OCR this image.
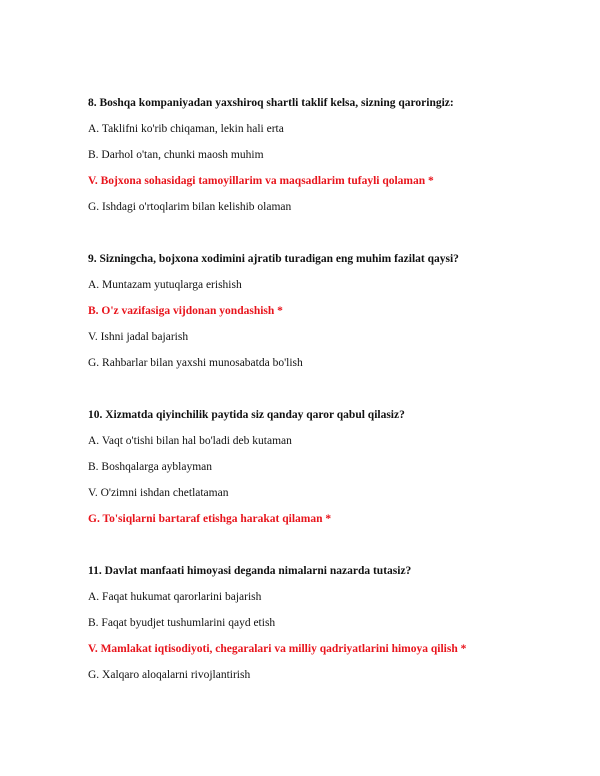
8. Boshqa kompaniyadan yaxshiroq shartli taklif kelsa, sizning qaroringiz:

A. Taklifni ko'rib chiqaman, lekin hali erta

B. Darhol o'tan, chunki maosh muhim

V. Bojxona sohasidagi tamoyillarim va maqsadlarim tufayli qolaman *

G. Ishdagi o'rtoqlarim bilan kelishib olaman

9. Sizningcha, bojxona xodimini ajratib turadigan eng muhim fazilat qaysi?

A. Muntazam yutuqlarga erishish

B. O'z vazifasiga vijdonan yondashish *

V. Ishni jadal bajarish

G. Rahbarlar bilan yaxshi munosabatda bo'lish

10. Xizmatda qiyinchilik paytida siz qanday qaror qabul qilasiz?

A. Vaqt o'tishi bilan hal bo'ladi deb kutaman

B. Boshqalarga ayblayman

V. O'zimni ishdan chetlataman

G. To'siqlarni bartaraf etishga harakat qilaman *

11. Davlat manfaati himoyasi deganda nimalarni nazarda tutasiz?

A. Faqat hukumat qarorlarini bajarish

B. Faqat byudjet tushumlarini qayd etish

V. Mamlakat iqtisodiyoti, chegaralari va milliy qadriyatlarini himoya qilish *

G. Xalqaro aloqalarni rivojlantirish
